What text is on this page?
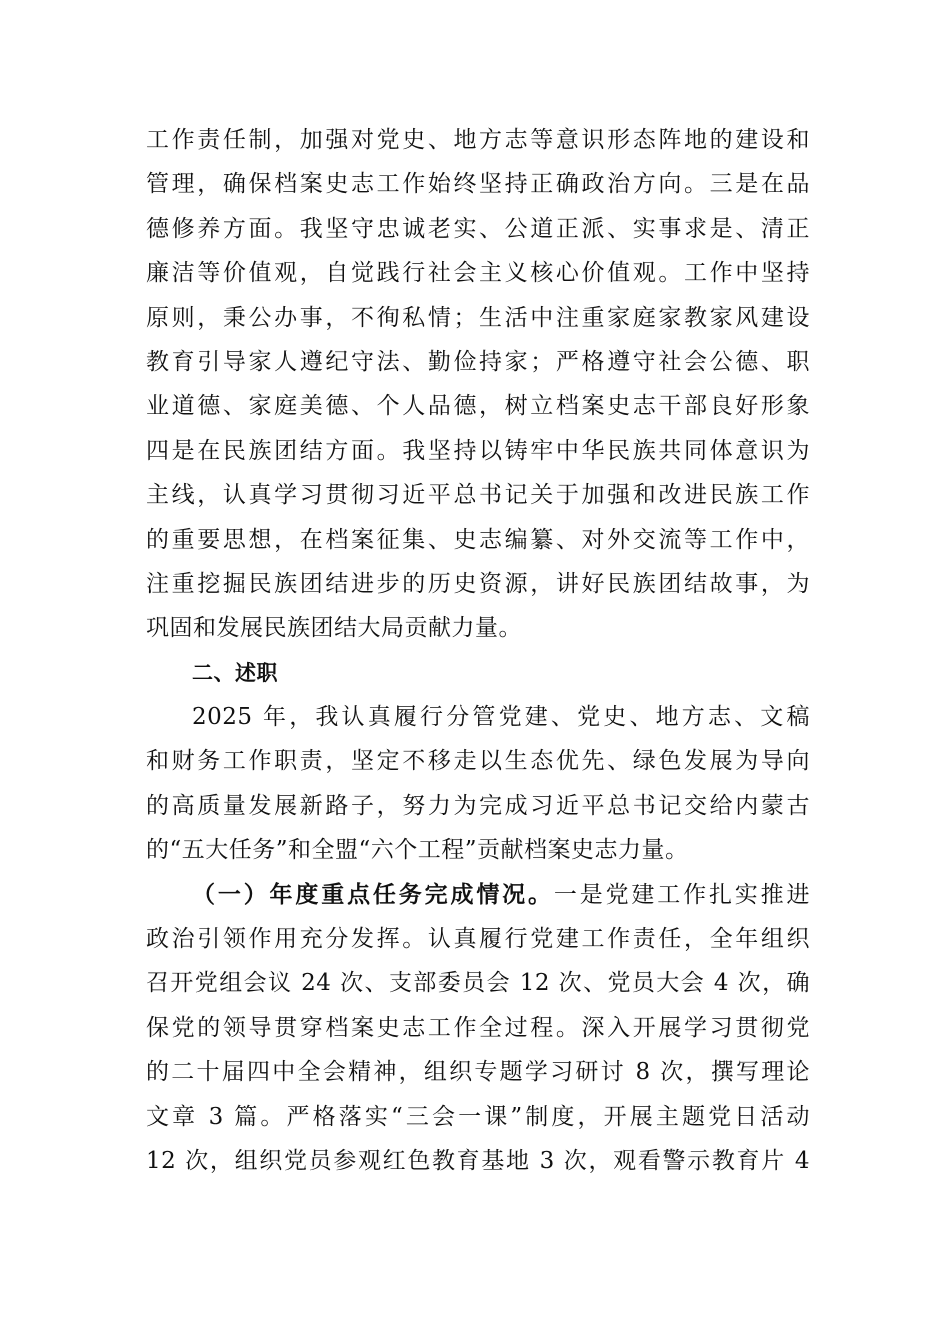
工作责任制，加强对党史、地方志等意识形态阵地的建设和
管理，确保档案史志工作始终坚持正确政治方向。三是在品
德修养方面。我坚守忠诚老实、公道正派、实事求是、清正
廉洁等价值观，自觉践行社会主义核心价值观。工作中坚持
原则，秉公办事，不徇私情；生活中注重家庭家教家风建设
教育引导家人遵纪守法、勤俭持家；严格遵守社会公德、职
业道德、家庭美德、个人品德，树立档案史志干部良好形象
四是在民族团结方面。我坚持以铸牢中华民族共同体意识为
主线，认真学习贯彻习近平总书记关于加强和改进民族工作
的重要思想，在档案征集、史志编纂、对外交流等工作中，
注重挖掘民族团结进步的历史资源，讲好民族团结故事，为
巩固和发展民族团结大局贡献力量。
二、述职
2025 年，我认真履行分管党建、党史、地方志、文稿
和财务工作职责，坚定不移走以生态优先、绿色发展为导向
的高质量发展新路子，努力为完成习近平总书记交给内蒙古
的“五大任务”和全盟“六个工程”贡献档案史志力量。
（一）年度重点任务完成情况。一是党建工作扎实推进
政治引领作用充分发挥。认真履行党建工作责任，全年组织
召开党组会议 24 次、支部委员会 12 次、党员大会 4 次，确
保党的领导贯穿档案史志工作全过程。深入开展学习贯彻党
的二十届四中全会精神，组织专题学习研讨 8 次，撰写理论
文章 3 篇。严格落实“三会一课”制度，开展主题党日活动
12 次，组织党员参观红色教育基地 3 次，观看警示教育片 4
